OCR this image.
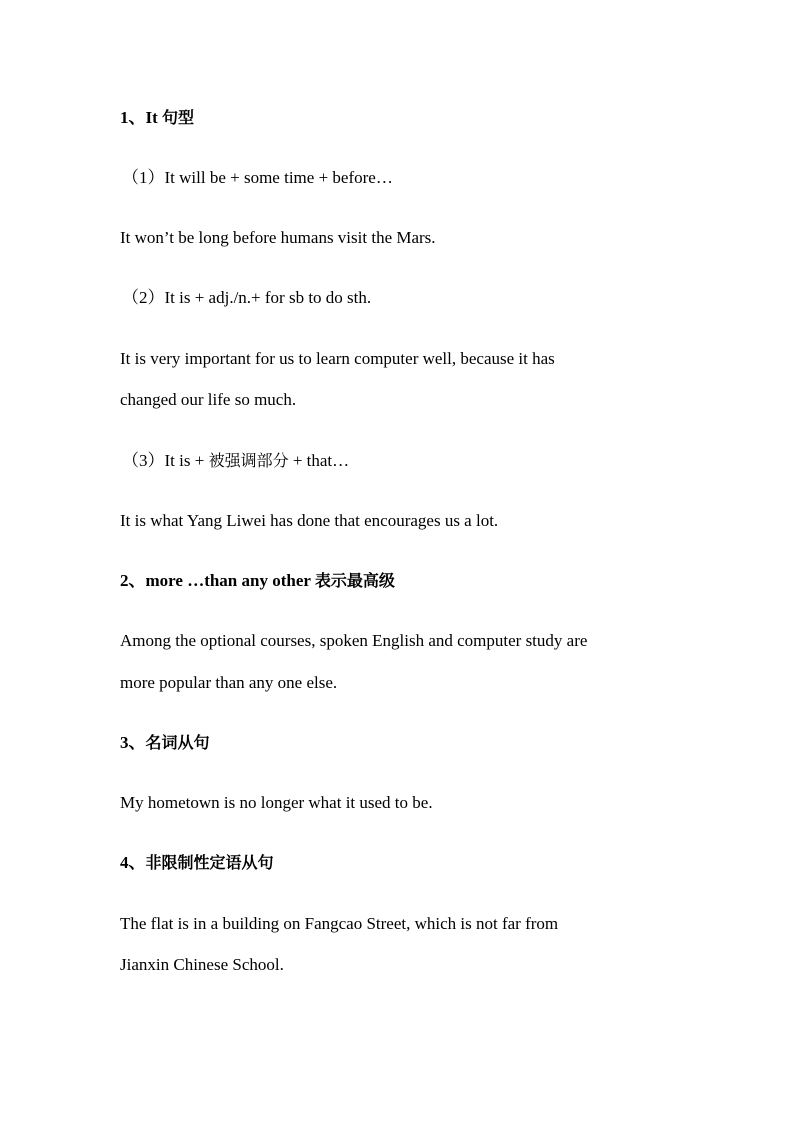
1、It 句型
（1）It will be + some time + before…
It won’t be long before humans visit the Mars.
（2）It is + adj./n.+ for sb to do sth.
It is very important for us to learn computer well, because it has
changed our life so much.
（3）It is + 被强调部分 + that…
It is what Yang Liwei has done that encourages us a lot.
2、more …than any other 表示最高级
Among the optional courses, spoken English and computer study are
more popular than any one else.
3、名词从句
My hometown is no longer what it used to be.
4、非限制性定语从句
The flat is in a building on Fangcao Street, which is not far from
Jianxin Chinese School.
